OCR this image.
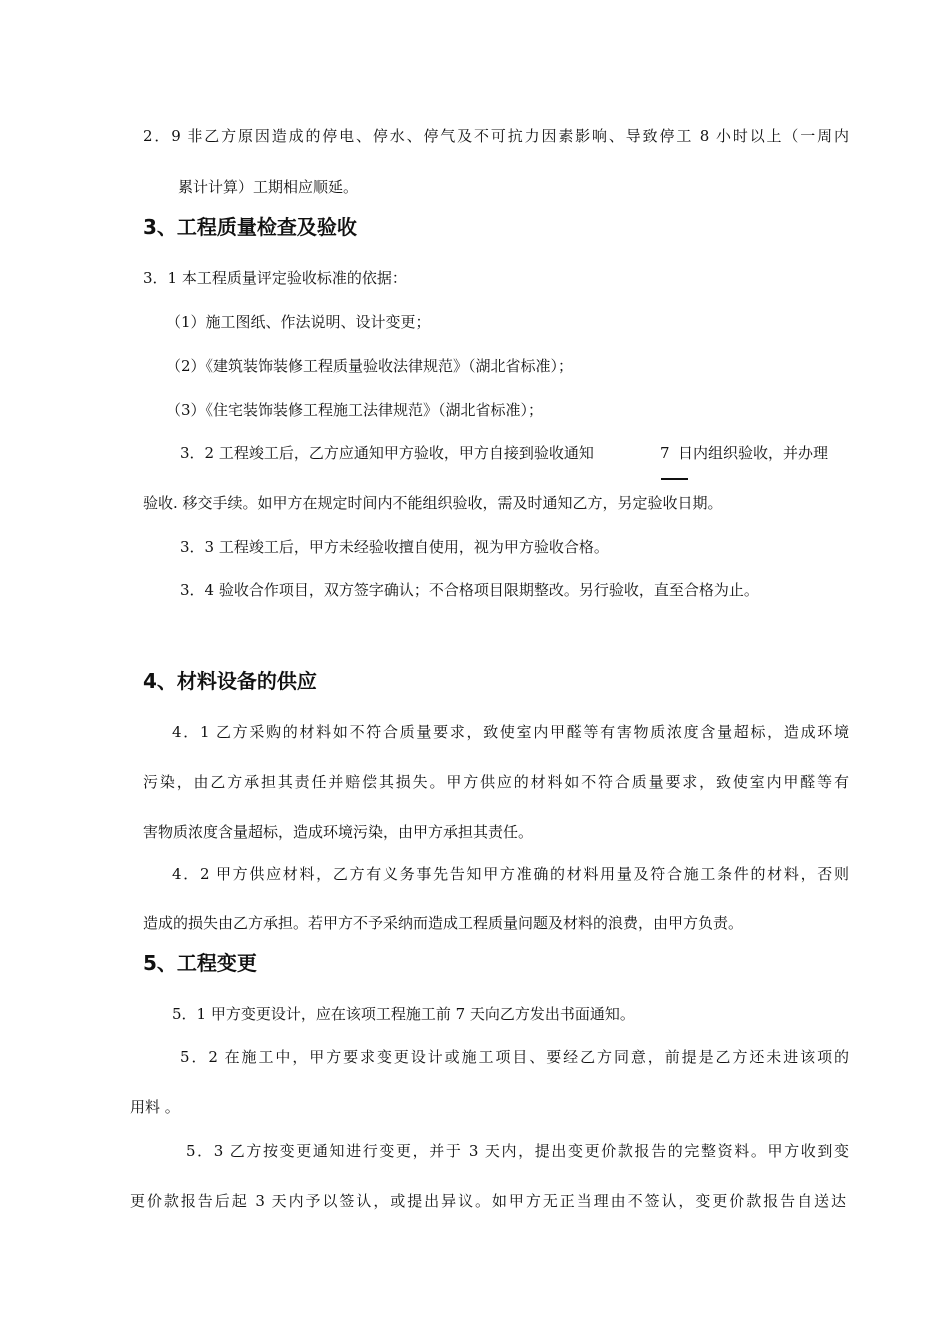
2．9 非乙方原因造成的停电、停水、停气及不可抗力因素影响、导致停工 8 小时以上（一周内
累计计算）工期相应顺延。
3、工程质量检查及验收
3．1 本工程质量评定验收标准的依据：
（1）施工图纸、作法说明、设计变更；
（2）《建筑装饰装修工程质量验收法律规范》（湖北省标准）；
（3）《住宅装饰装修工程施工法律规范》（湖北省标准）；
3．2 工程竣工后，乙方应通知甲方验收，甲方自接到验收通知	7 日内组织验收，并办理
验收. 移交手续。如甲方在规定时间内不能组织验收，需及时通知乙方，另定验收日期。
3．3 工程竣工后，甲方未经验收擅自使用，视为甲方验收合格。
3．4 验收合作项目，双方签字确认；不合格项目限期整改。另行验收，直至合格为止。
4、材料设备的供应
4．1 乙方采购的材料如不符合质量要求，致使室内甲醛等有害物质浓度含量超标，造成环境
污染，由乙方承担其责任并赔偿其损失。甲方供应的材料如不符合质量要求，致使室内甲醛等有
害物质浓度含量超标，造成环境污染，由甲方承担其责任。
4．2 甲方供应材料，乙方有义务事先告知甲方准确的材料用量及符合施工条件的材料，否则
造成的损失由乙方承担。若甲方不予采纳而造成工程质量问题及材料的浪费，由甲方负责。
5、工程变更
5．1 甲方变更设计，应在该项工程施工前 7 天向乙方发出书面通知。
5．2 在施工中，甲方要求变更设计或施工项目、要经乙方同意，前提是乙方还未进该项的
用料 。
5．3 乙方按变更通知进行变更，并于 3 天内，提出变更价款报告的完整资料。甲方收到变
更价款报告后起 3 天内予以签认，或提出异议。如甲方无正当理由不签认，变更价款报告自送达
